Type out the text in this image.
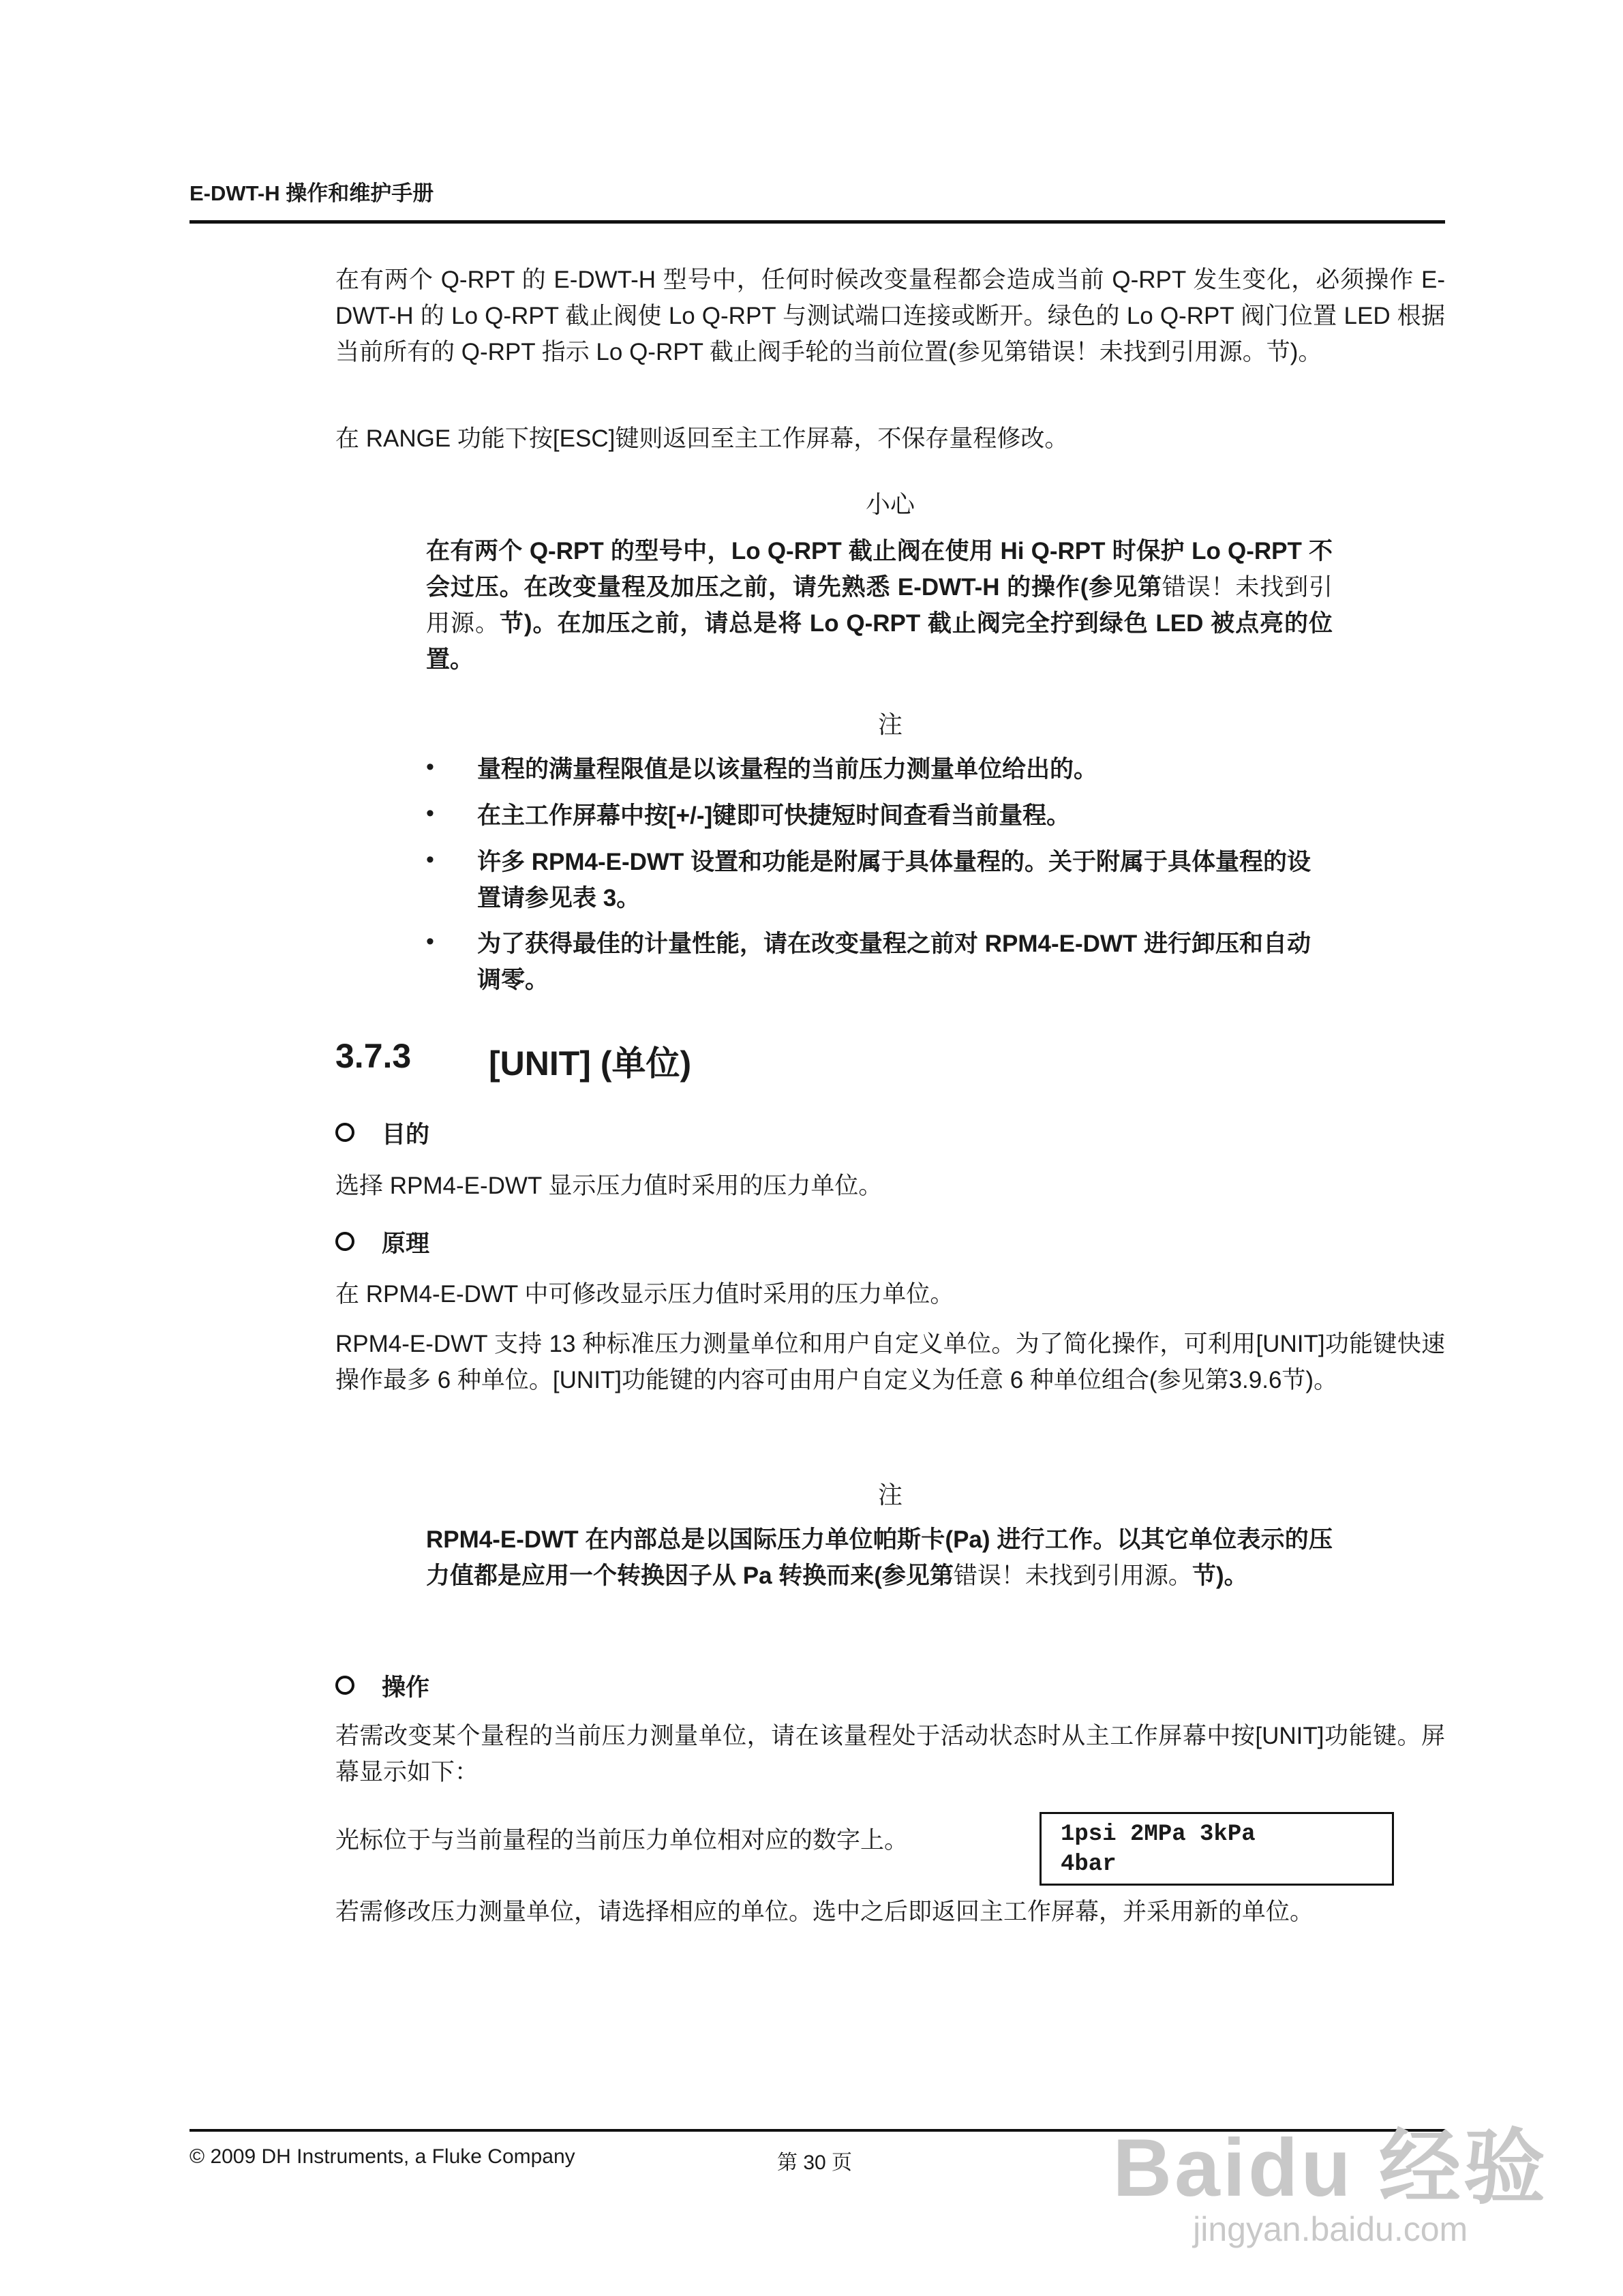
E-DWT-H 操作和维护手册
在有两个 Q-RPT 的 E-DWT-H 型号中，任何时候改变量程都会造成当前 Q-RPT 发生变化，必须操作 E-DWT-H 的 Lo Q-RPT 截止阀使 Lo Q-RPT 与测试端口连接或断开。绿色的 Lo Q-RPT 阀门位置 LED 根据当前所有的 Q-RPT 指示 Lo Q-RPT 截止阀手轮的当前位置(参见第错误！未找到引用源。节)。
在 RANGE 功能下按[ESC]键则返回至主工作屏幕，不保存量程修改。
小心
在有两个 Q-RPT 的型号中，Lo Q-RPT 截止阀在使用 Hi Q-RPT 时保护 Lo Q-RPT 不会过压。在改变量程及加压之前，请先熟悉 E-DWT-H 的操作(参见第错误！未找到引用源。节)。在加压之前，请总是将 Lo Q-RPT 截止阀完全拧到绿色 LED 被点亮的位置。
注
• 量程的满量程限值是以该量程的当前压力测量单位给出的。
• 在主工作屏幕中按[+/-]键即可快捷短时间查看当前量程。
• 许多 RPM4-E-DWT 设置和功能是附属于具体量程的。关于附属于具体量程的设置请参见表 3。
• 为了获得最佳的计量性能，请在改变量程之前对 RPM4-E-DWT 进行卸压和自动调零。
3.7.3 [UNIT] (单位)
目的
选择 RPM4-E-DWT 显示压力值时采用的压力单位。
原理
在 RPM4-E-DWT 中可修改显示压力值时采用的压力单位。
RPM4-E-DWT 支持 13 种标准压力测量单位和用户自定义单位。为了简化操作，可利用[UNIT]功能键快速操作最多 6 种单位。[UNIT]功能键的内容可由用户自定义为任意 6 种单位组合(参见第3.9.6节)。
注
RPM4-E-DWT 在内部总是以国际压力单位帕斯卡(Pa) 进行工作。以其它单位表示的压力值都是应用一个转换因子从 Pa 转换而来(参见第错误！未找到引用源。节)。
操作
若需改变某个量程的当前压力测量单位，请在该量程处于活动状态时从主工作屏幕中按[UNIT]功能键。屏幕显示如下：
光标位于与当前量程的当前压力单位相对应的数字上。	1psi 2MPa 3kPa
4bar
若需修改压力测量单位，请选择相应的单位。选中之后即返回主工作屏幕，并采用新的单位。
© 2009 DH Instruments, a Fluke Company	第 30 页	Baidu 经验
jingyan.baidu.com
